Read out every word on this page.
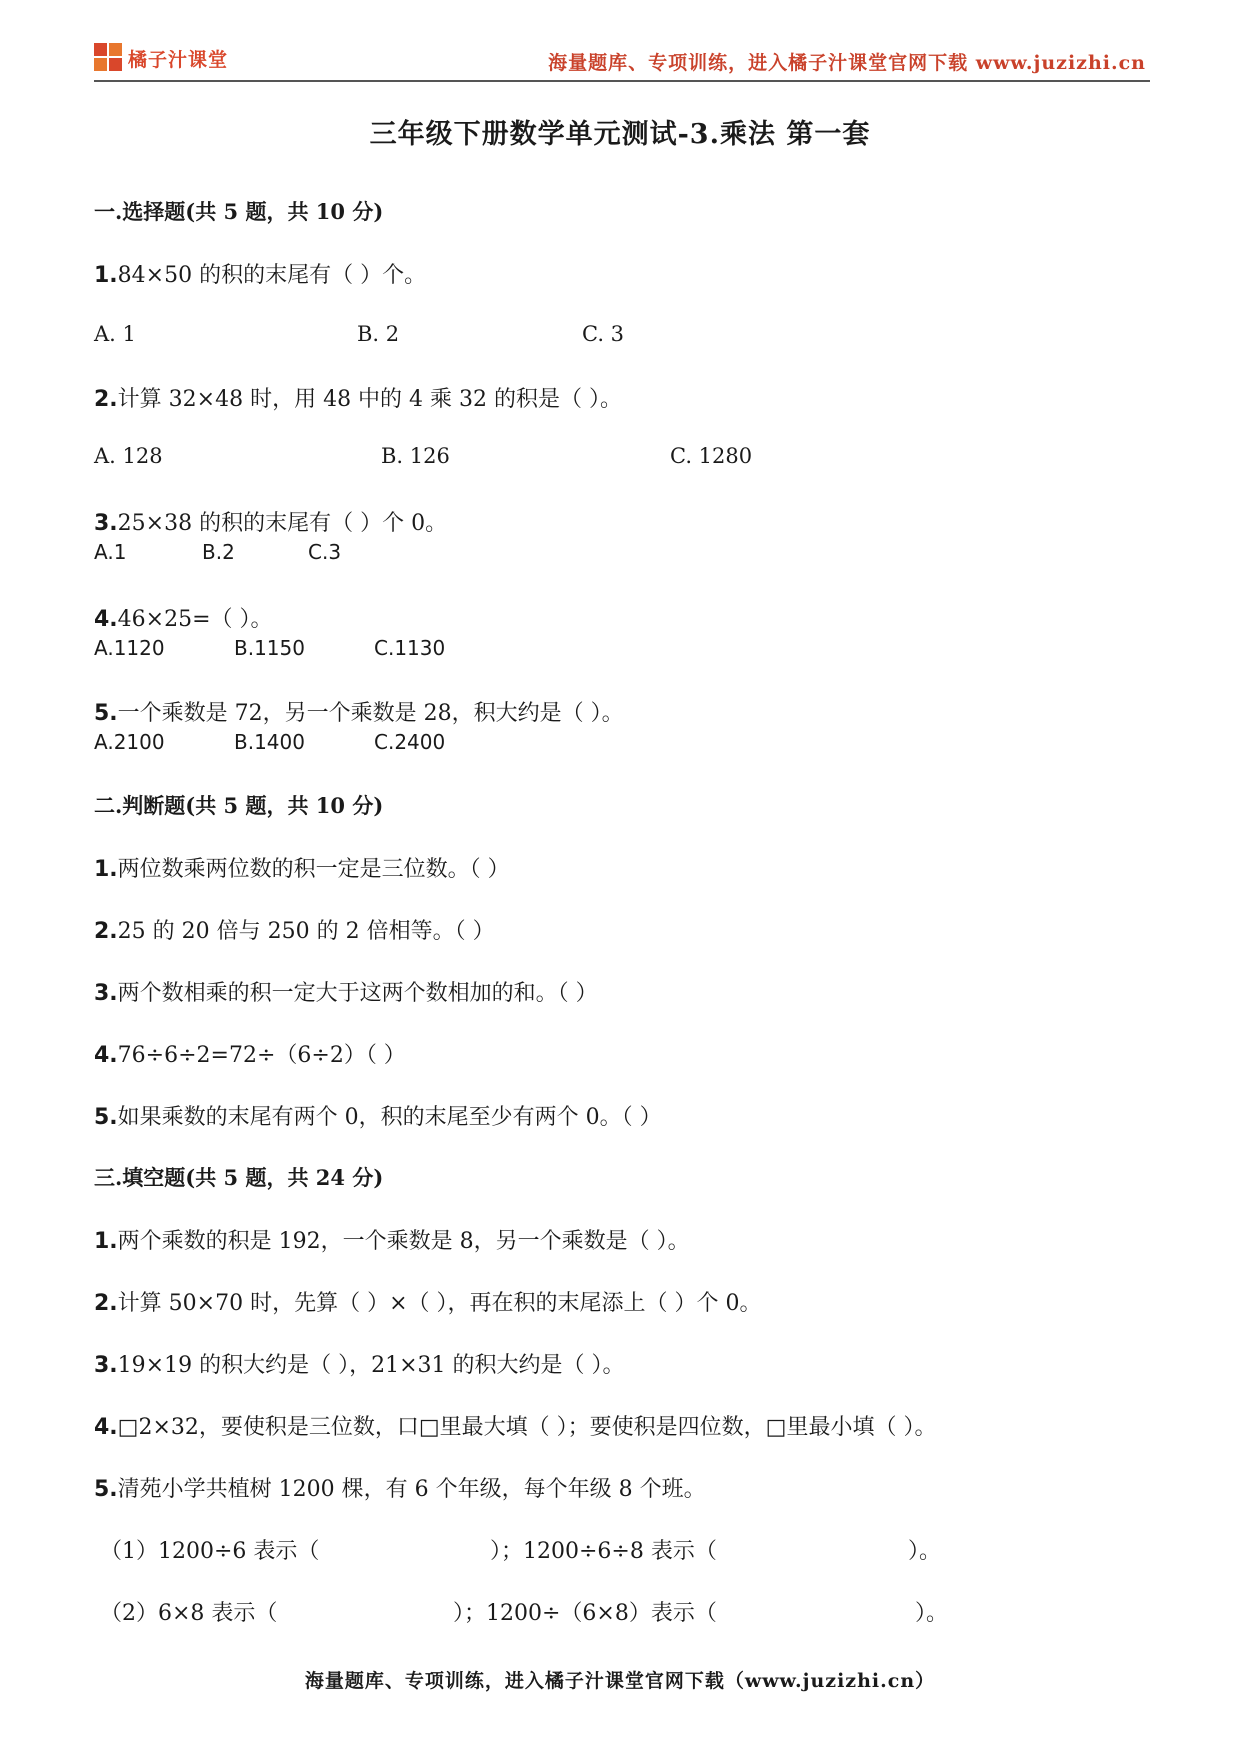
橘子汁课堂	海量题库、专项训练，进入橘子汁课堂官网下载 www.juzizhi.cn
三年级下册数学单元测试-3.乘法 第一套
一.选择题(共 5 题，共 10 分)
1.84×50 的积的末尾有（ ）个。
A. 1	B. 2	C. 3
2.计算 32×48 时，用 48 中的 4 乘 32 的积是（ ）。
A. 128	B. 126	C. 1280
3.25×38 的积的末尾有（ ）个 0。
A.1	B.2	C.3
4.46×25=（ ）。
A.1120	B.1150	C.1130
5.一个乘数是 72，另一个乘数是 28，积大约是（ ）。
A.2100	B.1400	C.2400
二.判断题(共 5 题，共 10 分)
1.两位数乘两位数的积一定是三位数。（ ）
2.25 的 20 倍与 250 的 2 倍相等。（ ）
3.两个数相乘的积一定大于这两个数相加的和。（ ）
4.76÷6÷2=72÷（6÷2）（ ）
5.如果乘数的末尾有两个 0，积的末尾至少有两个 0。（ ）
三.填空题(共 5 题，共 24 分)
1.两个乘数的积是 192，一个乘数是 8，另一个乘数是（ ）。
2.计算 50×70 时，先算（ ）×（ ），再在积的末尾添上（ ）个 0。
3.19×19 的积大约是（ ），21×31 的积大约是（ ）。
4.□2×32，要使积是三位数，口□里最大填（ ）；要使积是四位数，□里最小填（ ）。
5.清苑小学共植树 1200 棵，有 6 个年级，每个年级 8 个班。
（1）1200÷6 表示（	）；1200÷6÷8 表示（	）。
（2）6×8 表示（	）；1200÷（6×8）表示（	）。
海量题库、专项训练，进入橘子汁课堂官网下载（www.juzizhi.cn）
